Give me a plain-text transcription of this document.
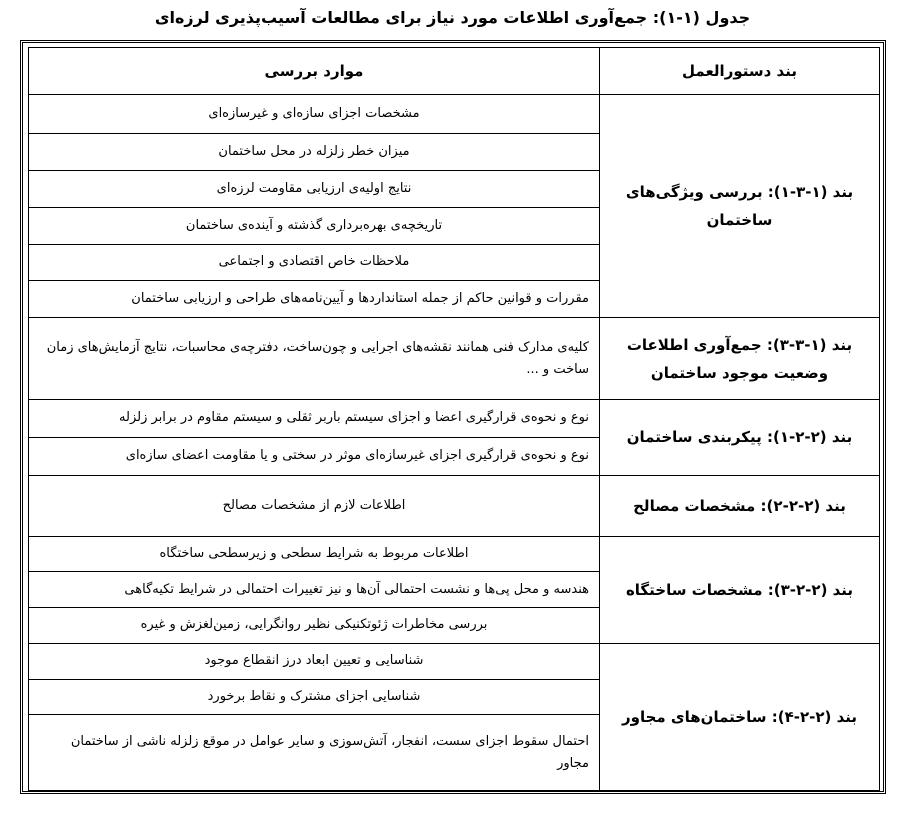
جدول (۱-۱): جمع‌آوری اطلاعات مورد نیاز برای مطالعات آسیب‌پذیری لرزه‌ای
بند دستورالعمل	موارد بررسی
بند (۱-۳-۱): بررسی ویژگی‌های ساختمان	مشخصات اجزای سازه‌ای و غیرسازه‌ای
	میزان خطر زلزله در محل ساختمان
	نتایج اولیه‌ی ارزیابی مقاومت لرزه‌ای
	تاریخچه‌ی بهره‌برداری گذشته و آینده‌ی ساختمان
	ملاحظات خاص اقتصادی و اجتماعی
	مقررات و قوانین حاکم از جمله استانداردها و آیین‌نامه‌های طراحی و ارزیابی ساختمان
بند (۱-۳-۳): جمع‌آوری اطلاعات وضعیت موجود ساختمان	کلیه‌ی مدارک فنی همانند نقشه‌های اجرایی و چون‌ساخت، دفترچه‌ی محاسبات، نتایج آزمایش‌های زمان ساخت و ...
بند (۲-۲-۱): پیکربندی ساختمان	نوع و نحوه‌ی قرارگیری اعضا و اجزای سیستم باربر ثقلی و سیستم مقاوم در برابر زلزله
	نوع و نحوه‌ی قرارگیری اجزای غیرسازه‌ای موثر در سختی و یا مقاومت اعضای سازه‌ای
بند (۲-۲-۲): مشخصات مصالح	اطلاعات لازم از مشخصات مصالح
بند (۲-۲-۳): مشخصات ساختگاه	اطلاعات مربوط به شرایط سطحی و زیرسطحی ساختگاه
	هندسه و محل پی‌ها و نشست احتمالی آن‌ها و نیز تغییرات احتمالی در شرایط تکیه‌گاهی
	بررسی مخاطرات ژئوتکنیکی نظیر روانگرایی، زمین‌لغزش و غیره
بند (۲-۲-۴): ساختمان‌های مجاور	شناسایی و تعیین ابعاد درز انقطاع موجود
	شناسایی اجزای مشترک و نقاط برخورد
	احتمال سقوط اجزای سست، انفجار، آتش‌سوزی و سایر عوامل در موقع زلزله ناشی از ساختمان مجاور
